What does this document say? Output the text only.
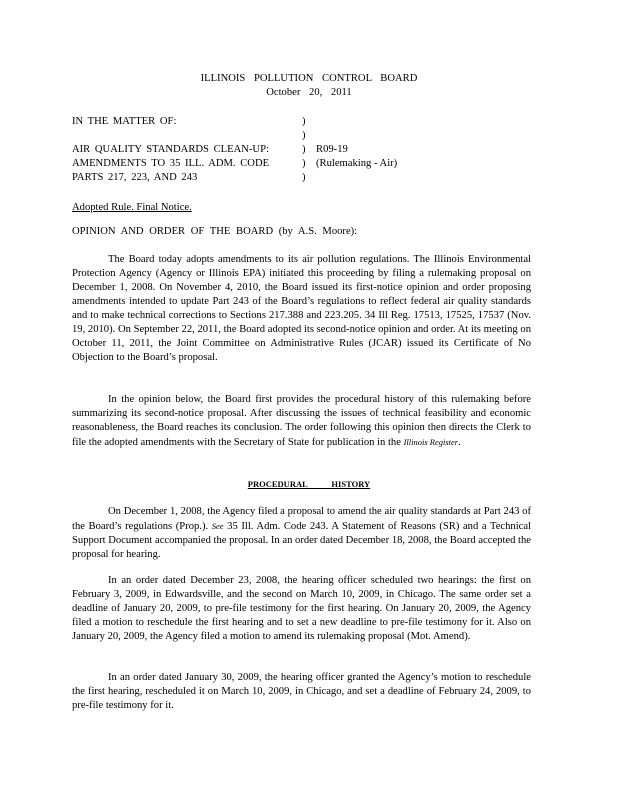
ILLINOIS POLLUTION CONTROL BOARD
October 20, 2011
IN THE MATTER OF:	)
)
AIR QUALITY STANDARDS CLEAN-UP:	) R09-19
AMENDMENTS TO 35 ILL. ADM. CODE	) (Rulemaking - Air)
PARTS 217, 223, AND 243	)
Adopted Rule. Final Notice.
OPINION AND ORDER OF THE BOARD (by A.S. Moore):

The Board today adopts amendments to its air pollution regulations. The Illinois Environmental Protection Agency (Agency or Illinois EPA) initiated this proceeding by filing a rulemaking proposal on December 1, 2008. On November 4, 2010, the Board issued its first-notice opinion and order proposing amendments intended to update Part 243 of the Board’s regulations to reflect federal air quality standards and to make technical corrections to Sections 217.388 and 223.205. 34 Ill Reg. 17513, 17525, 17537 (Nov. 19, 2010). On September 22, 2011, the Board adopted its second-notice opinion and order. At its meeting on October 11, 2011, the Joint Committee on Administrative Rules (JCAR) issued its Certificate of No Objection to the Board’s proposal.

In the opinion below, the Board first provides the procedural history of this rulemaking before summarizing its second-notice proposal. After discussing the issues of technical feasibility and economic reasonableness, the Board reaches its conclusion. The order following this opinion then directs the Clerk to file the adopted amendments with the Secretary of State for publication in the Illinois Register.

PROCEDURAL HISTORY

On December 1, 2008, the Agency filed a proposal to amend the air quality standards at Part 243 of the Board’s regulations (Prop.). See 35 Ill. Adm. Code 243. A Statement of Reasons (SR) and a Technical Support Document accompanied the proposal. In an order dated December 18, 2008, the Board accepted the proposal for hearing.

In an order dated December 23, 2008, the hearing officer scheduled two hearings: the first on February 3, 2009, in Edwardsville, and the second on March 10, 2009, in Chicago. The same order set a deadline of January 20, 2009, to pre-file testimony for the first hearing. On January 20, 2009, the Agency filed a motion to reschedule the first hearing and to set a new deadline to pre-file testimony for it. Also on January 20, 2009, the Agency filed a motion to amend its rulemaking proposal (Mot. Amend).

In an order dated January 30, 2009, the hearing officer granted the Agency’s motion to reschedule the first hearing, rescheduled it on March 10, 2009, in Chicago, and set a deadline of February 24, 2009, to pre-file testimony for it.
